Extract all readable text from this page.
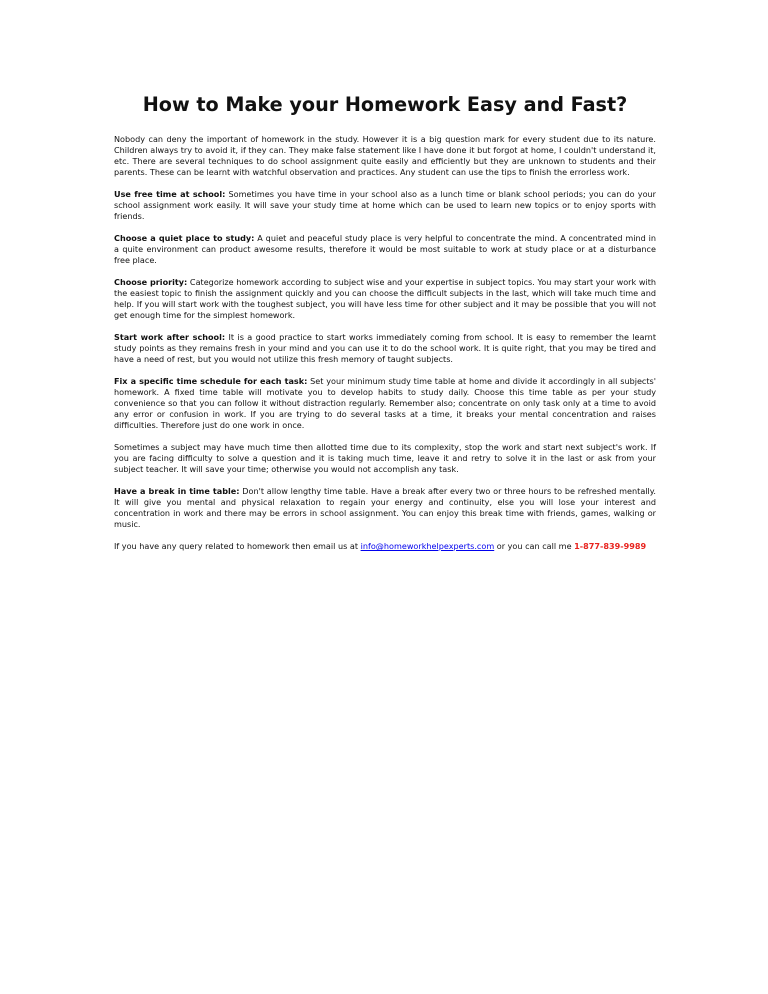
How to Make your Homework Easy and Fast?

Nobody can deny the important of homework in the study. However it is a big question mark for every student due to its nature. Children always try to avoid it, if they can. They make false statement like I have done it but forgot at home, I couldn't understand it, etc. There are several techniques to do school assignment quite easily and efficiently but they are unknown to students and their parents. These can be learnt with watchful observation and practices. Any student can use the tips to finish the errorless work.

Use free time at school: Sometimes you have time in your school also as a lunch time or blank school periods; you can do your school assignment work easily. It will save your study time at home which can be used to learn new topics or to enjoy sports with friends.

Choose a quiet place to study: A quiet and peaceful study place is very helpful to concentrate the mind. A concentrated mind in a quite environment can product awesome results, therefore it would be most suitable to work at study place or at a disturbance free place.

Choose priority: Categorize homework according to subject wise and your expertise in subject topics. You may start your work with the easiest topic to finish the assignment quickly and you can choose the difficult subjects in the last, which will take much time and help. If you will start work with the toughest subject, you will have less time for other subject and it may be possible that you will not get enough time for the simplest homework.

Start work after school: It is a good practice to start works immediately coming from school. It is easy to remember the learnt study points as they remains fresh in your mind and you can use it to do the school work. It is quite right, that you may be tired and have a need of rest, but you would not utilize this fresh memory of taught subjects.

Fix a specific time schedule for each task: Set your minimum study time table at home and divide it accordingly in all subjects' homework. A fixed time table will motivate you to develop habits to study daily. Choose this time table as per your study convenience so that you can follow it without distraction regularly. Remember also; concentrate on only task only at a time to avoid any error or confusion in work. If you are trying to do several tasks at a time, it breaks your mental concentration and raises difficulties. Therefore just do one work in once.

Sometimes a subject may have much time then allotted time due to its complexity, stop the work and start next subject's work. If you are facing difficulty to solve a question and it is taking much time, leave it and retry to solve it in the last or ask from your subject teacher. It will save your time; otherwise you would not accomplish any task.

Have a break in time table: Don't allow lengthy time table. Have a break after every two or three hours to be refreshed mentally. It will give you mental and physical relaxation to regain your energy and continuity, else you will lose your interest and concentration in work and there may be errors in school assignment. You can enjoy this break time with friends, games, walking or music.

If you have any query related to homework then email us at info@homeworkhelpexperts.com or you can call me 1-877-839-9989
